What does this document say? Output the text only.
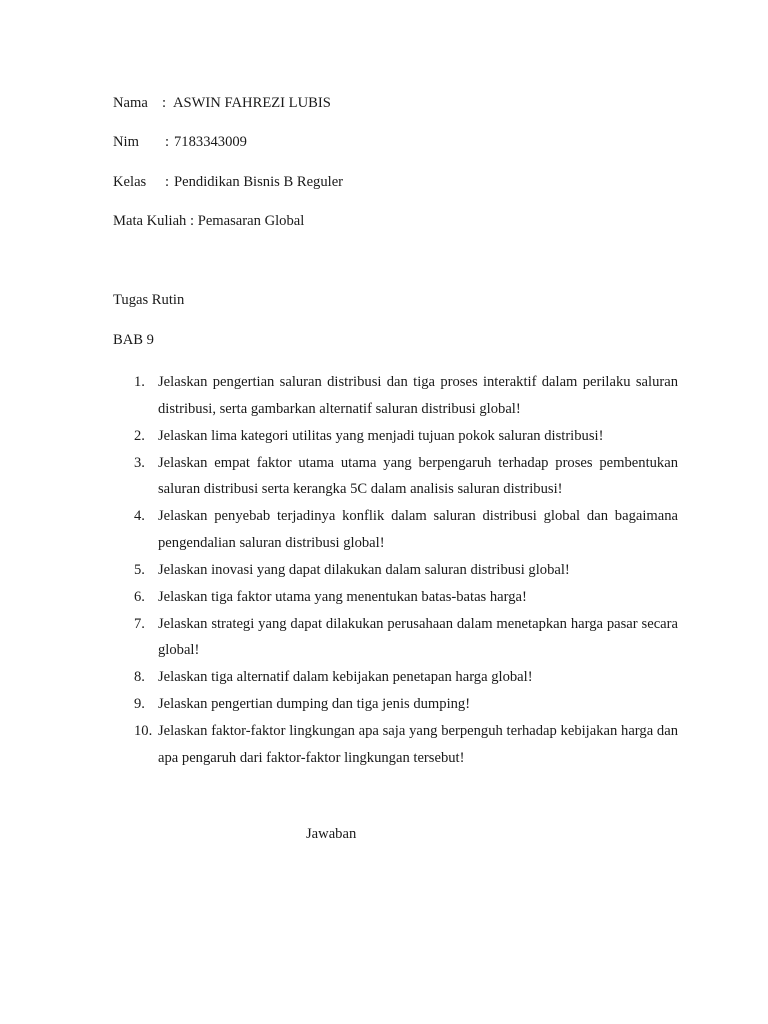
Nama : ASWIN FAHREZI LUBIS
Nim : 7183343009
Kelas : Pendidikan Bisnis B Reguler
Mata Kuliah : Pemasaran Global
Tugas Rutin
BAB 9
1. Jelaskan pengertian saluran distribusi dan tiga proses interaktif dalam perilaku saluran distribusi, serta gambarkan alternatif saluran distribusi global!
2. Jelaskan lima kategori utilitas yang menjadi tujuan pokok saluran distribusi!
3. Jelaskan empat faktor utama utama yang berpengaruh terhadap proses pembentukan saluran distribusi serta kerangka 5C dalam analisis saluran distribusi!
4. Jelaskan penyebab terjadinya konflik dalam saluran distribusi global dan bagaimana pengendalian saluran distribusi global!
5. Jelaskan inovasi yang dapat dilakukan dalam saluran distribusi global!
6. Jelaskan tiga faktor utama yang menentukan batas-batas harga!
7. Jelaskan strategi yang dapat dilakukan perusahaan dalam menetapkan harga pasar secara global!
8. Jelaskan tiga alternatif dalam kebijakan penetapan harga global!
9. Jelaskan pengertian dumping dan tiga jenis dumping!
10. Jelaskan faktor-faktor lingkungan apa saja yang berpenguh terhadap kebijakan harga dan apa pengaruh dari faktor-faktor lingkungan tersebut!
Jawaban
